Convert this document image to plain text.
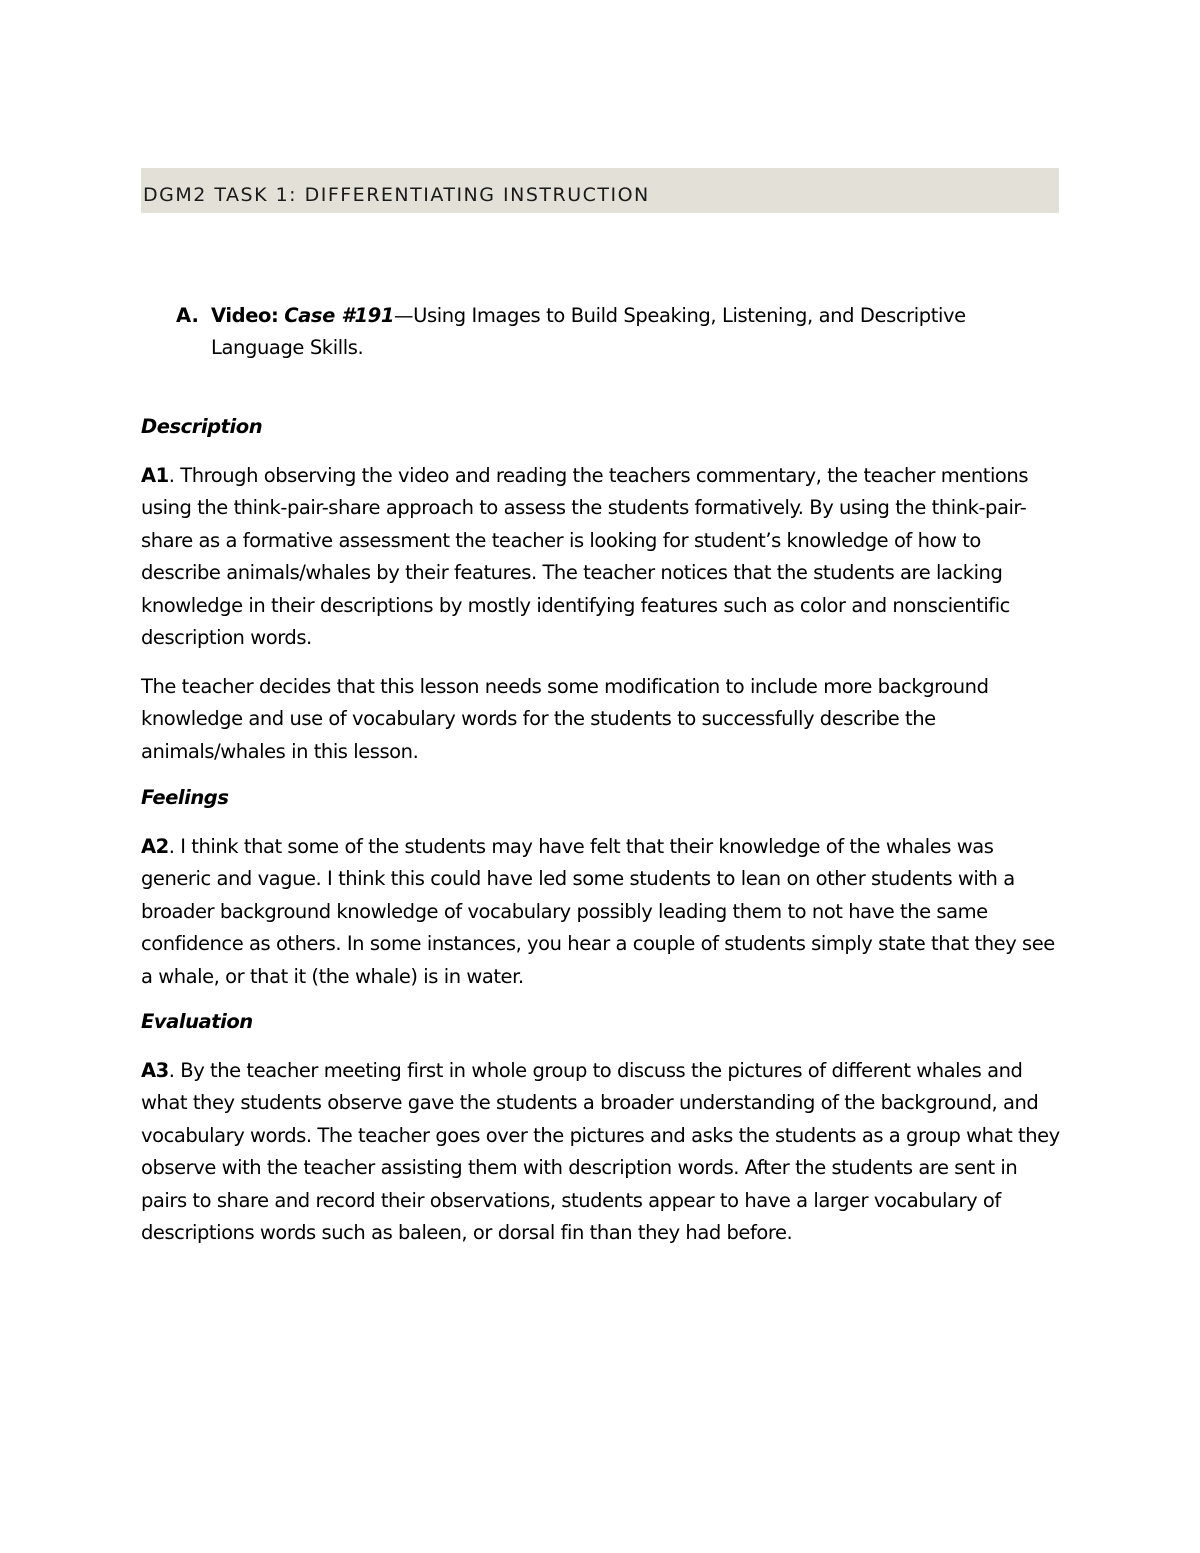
DGM2 TASK 1: DIFFERENTIATING INSTRUCTION
A. Video: Case #191—Using Images to Build Speaking, Listening, and Descriptive Language Skills.

Description

A1. Through observing the video and reading the teachers commentary, the teacher mentions using the think-pair-share approach to assess the students formatively. By using the think-pair-share as a formative assessment the teacher is looking for student’s knowledge of how to describe animals/whales by their features. The teacher notices that the students are lacking knowledge in their descriptions by mostly identifying features such as color and nonscientific description words.

The teacher decides that this lesson needs some modification to include more background knowledge and use of vocabulary words for the students to successfully describe the animals/whales in this lesson.

Feelings

A2. I think that some of the students may have felt that their knowledge of the whales was generic and vague. I think this could have led some students to lean on other students with a broader background knowledge of vocabulary possibly leading them to not have the same confidence as others. In some instances, you hear a couple of students simply state that they see a whale, or that it (the whale) is in water.

Evaluation

A3. By the teacher meeting first in whole group to discuss the pictures of different whales and what they students observe gave the students a broader understanding of the background, and vocabulary words. The teacher goes over the pictures and asks the students as a group what they observe with the teacher assisting them with description words. After the students are sent in pairs to share and record their observations, students appear to have a larger vocabulary of descriptions words such as baleen, or dorsal fin than they had before.
